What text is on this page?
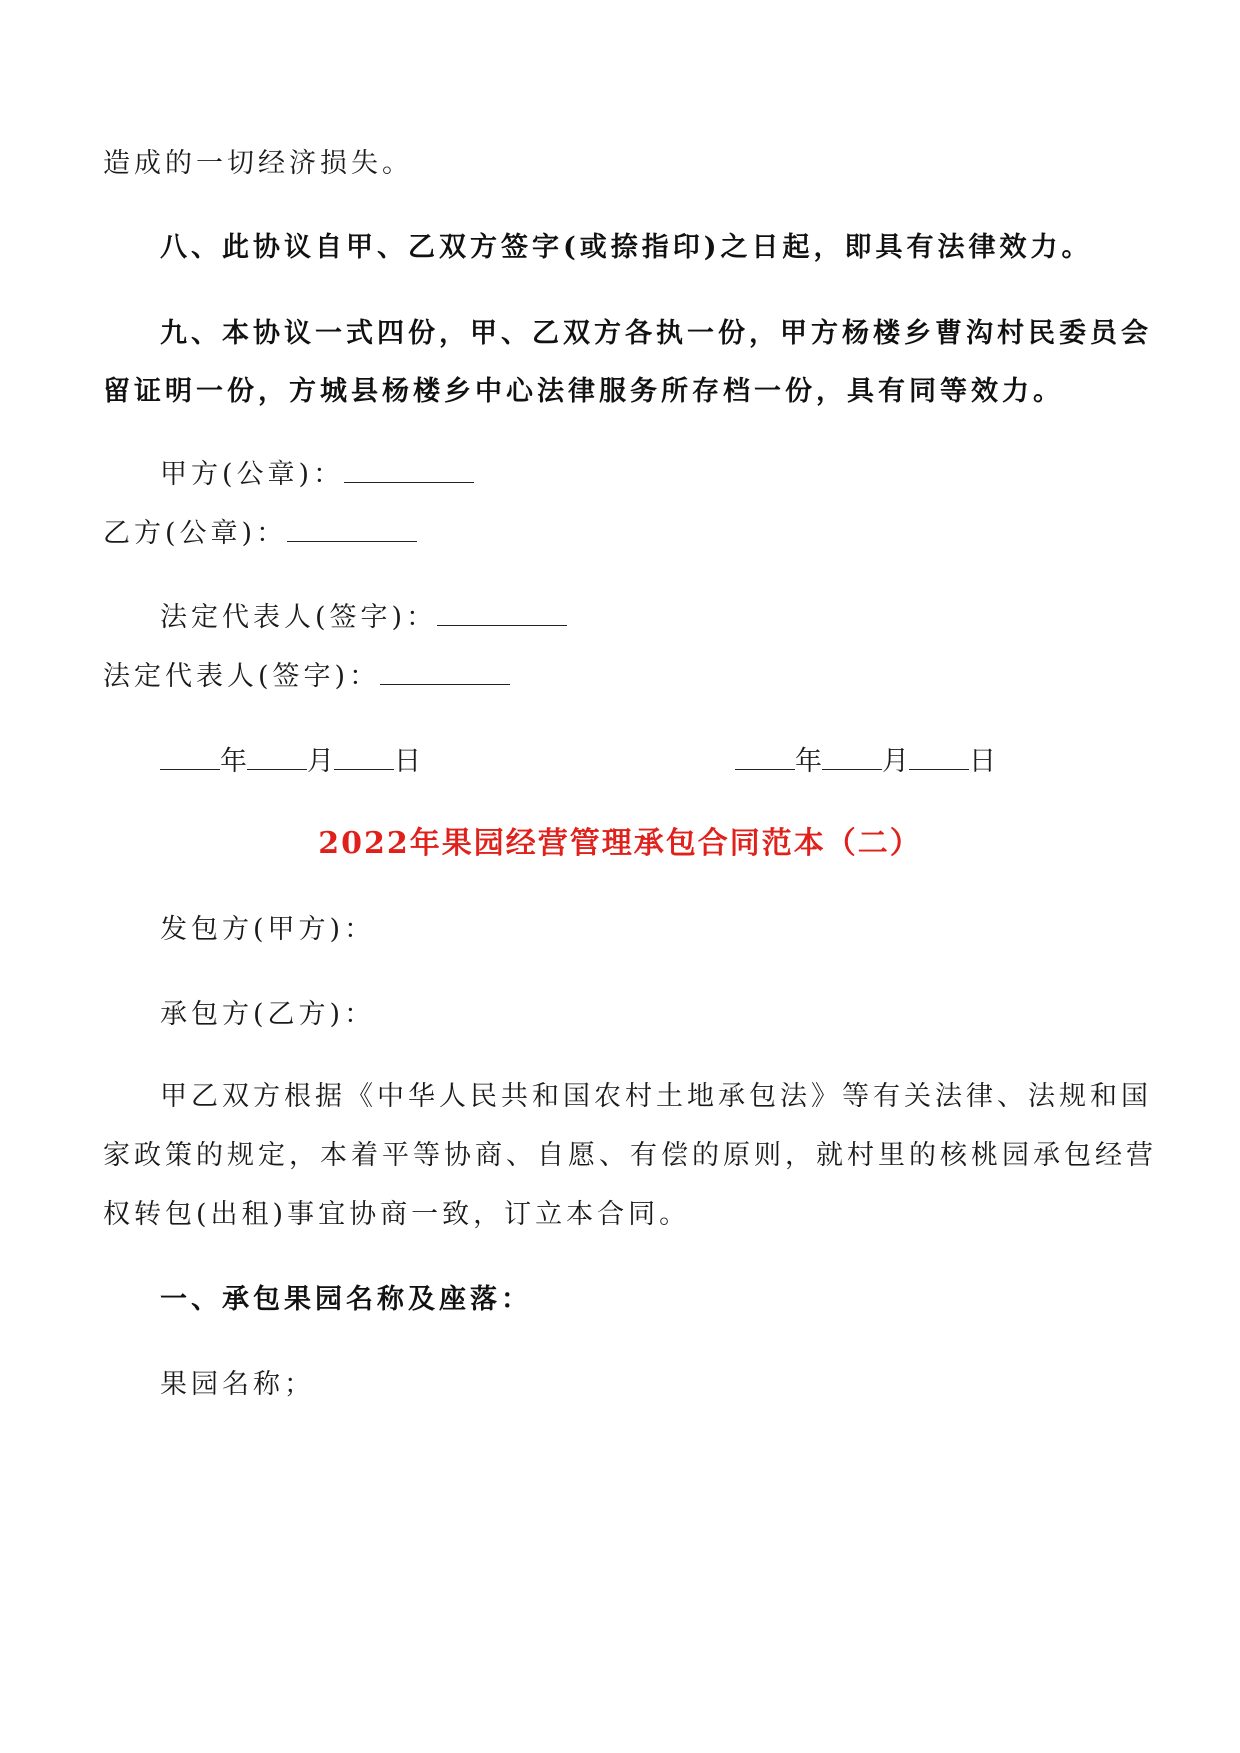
造成的一切经济损失。
八、此协议自甲、乙双方签字(或捺指印)之日起，即具有法律效力。
九、本协议一式四份，甲、乙双方各执一份，甲方杨楼乡曹沟村民委员会
留证明一份，方城县杨楼乡中心法律服务所存档一份，具有同等效力。
甲方(公章)：
乙方(公章)：
法定代表人(签字)：
法定代表人(签字)：
年 月 日	年 月 日
2022年果园经营管理承包合同范本（二）
发包方(甲方)：
承包方(乙方)：
甲乙双方根据《中华人民共和国农村土地承包法》等有关法律、法规和国
家政策的规定，本着平等协商、自愿、有偿的原则，就村里的核桃园承包经营
权转包(出租)事宜协商一致，订立本合同。
一、承包果园名称及座落：
果园名称；
